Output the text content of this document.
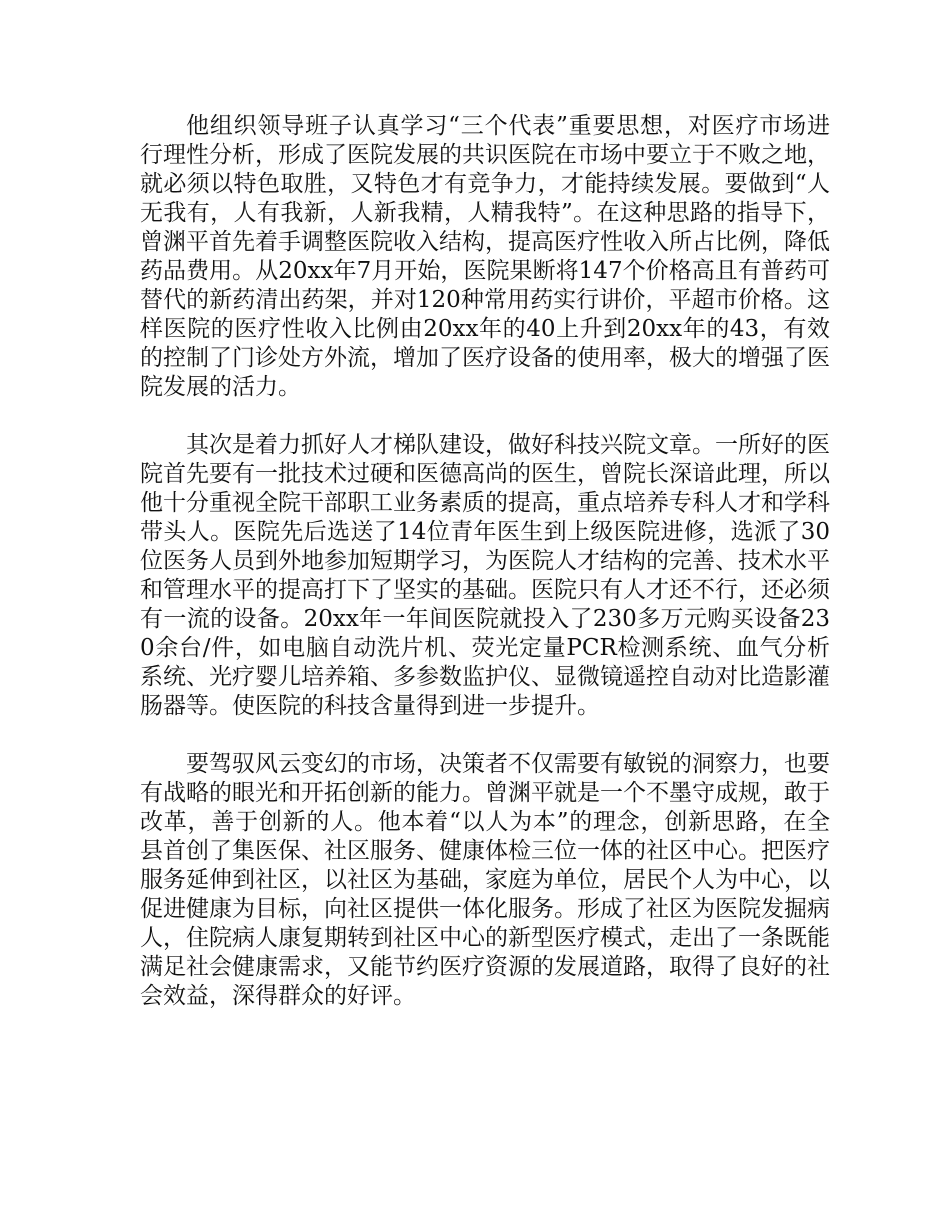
他组织领导班子认真学习“三个代表”重要思想，对医疗市场进行理性分析，形成了医院发展的共识医院在市场中要立于不败之地，就必须以特色取胜，又特色才有竞争力，才能持续发展。要做到“人无我有，人有我新，人新我精，人精我特”。在这种思路的指导下，曾渊平首先着手调整医院收入结构，提高医疗性收入所占比例，降低药品费用。从20xx年7月开始，医院果断将147个价格高且有普药可替代的新药清出药架，并对120种常用药实行讲价，平超市价格。这样医院的医疗性收入比例由20xx年的40上升到20xx年的43，有效的控制了门诊处方外流，增加了医疗设备的使用率，极大的增强了医院发展的活力。

其次是着力抓好人才梯队建设，做好科技兴院文章。一所好的医院首先要有一批技术过硬和医德高尚的医生，曾院长深谙此理，所以他十分重视全院干部职工业务素质的提高，重点培养专科人才和学科带头人。医院先后选送了14位青年医生到上级医院进修，选派了30位医务人员到外地参加短期学习，为医院人才结构的完善、技术水平和管理水平的提高打下了坚实的基础。医院只有人才还不行，还必须有一流的设备。20xx年一年间医院就投入了230多万元购买设备230余台/件，如电脑自动洗片机、荧光定量PCR检测系统、血气分析系统、光疗婴儿培养箱、多参数监护仪、显微镜遥控自动对比造影灌肠器等。使医院的科技含量得到进一步提升。

要驾驭风云变幻的市场，决策者不仅需要有敏锐的洞察力，也要有战略的眼光和开拓创新的能力。曾渊平就是一个不墨守成规，敢于改革，善于创新的人。他本着“以人为本”的理念，创新思路，在全县首创了集医保、社区服务、健康体检三位一体的社区中心。把医疗服务延伸到社区，以社区为基础，家庭为单位，居民个人为中心，以促进健康为目标，向社区提供一体化服务。形成了社区为医院发掘病人，住院病人康复期转到社区中心的新型医疗模式，走出了一条既能满足社会健康需求，又能节约医疗资源的发展道路，取得了良好的社会效益，深得群众的好评。
